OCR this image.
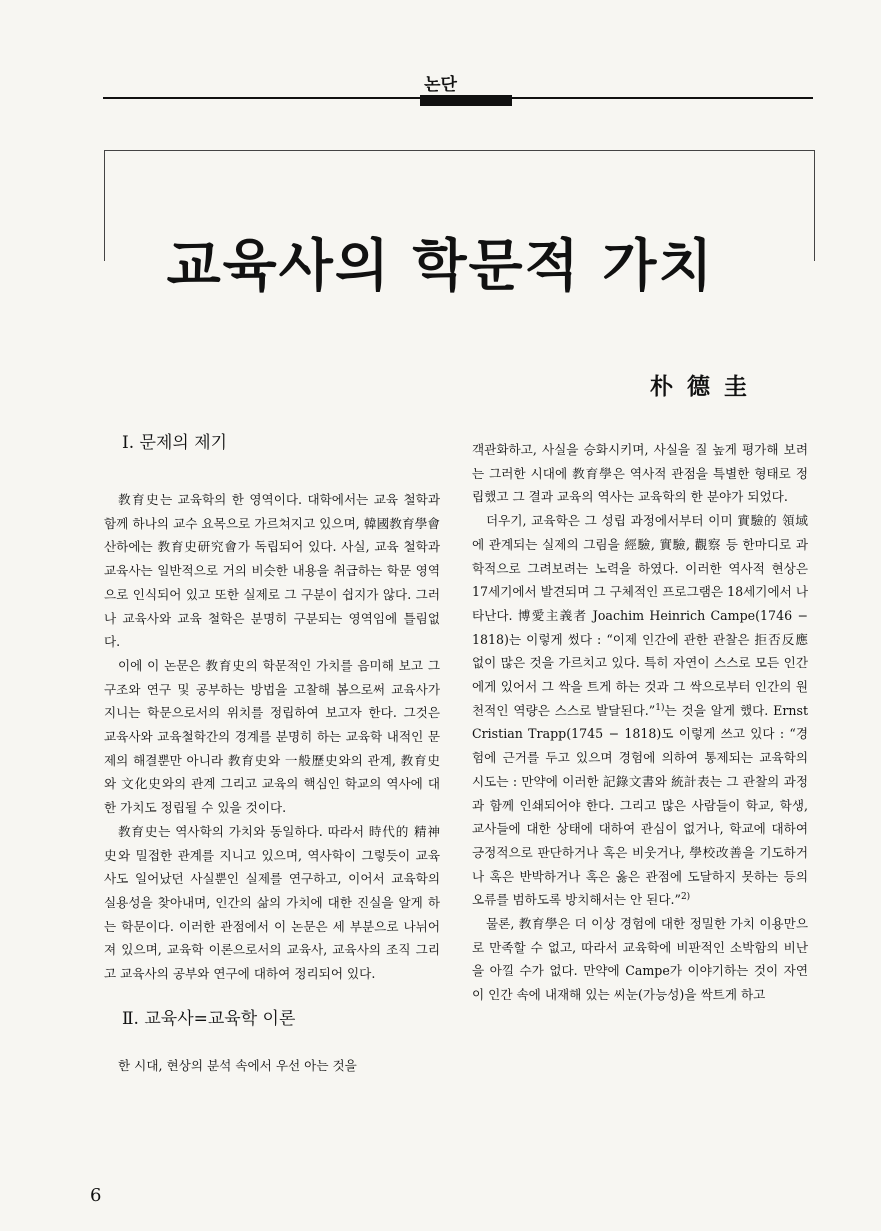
논단
교육사의 학문적 가치
朴德圭
Ⅰ. 문제의 제기

教育史는 교육학의 한 영역이다. 대학에서는 교육 철학과 함께 하나의 교수 요목으로 가르쳐지고 있으며, 韓國教育學會 산하에는 教育史研究會가 독립되어 있다. 사실, 교육 철학과 교육사는 일반적으로 거의 비슷한 내용을 취급하는 학문 영역으로 인식되어 있고 또한 실제로 그 구분이 쉽지가 않다. 그러나 교육사와 교육 철학은 분명히 구분되는 영역임에 틀림없다.

이에 이 논문은 教育史의 학문적인 가치를 음미해 보고 그 구조와 연구 및 공부하는 방법을 고찰해 봄으로써 교육사가 지니는 학문으로서의 위치를 정립하여 보고자 한다. 그것은 교육사와 교육철학간의 경계를 분명히 하는 교육학 내적인 문제의 해결뿐만 아니라 教育史와 一般歷史와의 관계, 教育史와 文化史와의 관계 그리고 교육의 핵심인 학교의 역사에 대한 가치도 정립될 수 있을 것이다.

教育史는 역사학의 가치와 동일하다. 따라서 時代的 精神史와 밀접한 관계를 지니고 있으며, 역사학이 그렇듯이 교육사도 일어났던 사실뿐인 실제를 연구하고, 이어서 교육학의 실용성을 찾아내며, 인간의 삶의 가치에 대한 진실을 알게 하는 학문이다. 이러한 관점에서 이 논문은 세 부분으로 나뉘어져 있으며, 교육학 이론으로서의 교육사, 교육사의 조직 그리고 교육사의 공부와 연구에 대하여 정리되어 있다.

Ⅱ. 교육사=교육학 이론

한 시대, 현상의 분석 속에서 우선 아는 것을

객관화하고, 사실을 승화시키며, 사실을 질 높게 평가해 보려는 그러한 시대에 教育學은 역사적 관점을 특별한 형태로 정립했고 그 결과 교육의 역사는 교육학의 한 분야가 되었다.

더우기, 교육학은 그 성립 과정에서부터 이미 實驗的 領域에 관계되는 실제의 그림을 經驗, 實驗, 觀察 등 한마디로 과학적으로 그려보려는 노력을 하였다. 이러한 역사적 현상은 17세기에서 발견되며 그 구체적인 프로그램은 18세기에서 나타난다. 博愛主義者 Joachim Heinrich Campe(1746 − 1818)는 이렇게 썼다 : “이제 인간에 관한 관찰은 拒否反應 없이 많은 것을 가르치고 있다. 특히 자연이 스스로 모든 인간에게 있어서 그 싹을 트게 하는 것과 그 싹으로부터 인간의 원천적인 역량은 스스로 발달된다.”$^{1)}$는 것을 알게 했다. Ernst Cristian Trapp(1745 − 1818)도 이렇게 쓰고 있다 : “경험에 근거를 두고 있으며 경험에 의하여 통제되는 교육학의 시도는 : 만약에 이러한 記錄文書와 統計表는 그 관찰의 과정과 함께 인쇄되어야 한다. 그리고 많은 사람들이 학교, 학생, 교사들에 대한 상태에 대하여 관심이 없거나, 학교에 대하여 긍정적으로 판단하거나 혹은 비웃거나, 學校改善을 기도하거나 혹은 반박하거나 혹은 옳은 관점에 도달하지 못하는 등의 오류를 범하도록 방치해서는 안 된다.”$^{2)}$

물론, 教育學은 더 이상 경험에 대한 정밀한 가치 이용만으로 만족할 수 없고, 따라서 교육학에 비판적인 소박함의 비난을 아낄 수가 없다. 만약에 Campe가 이야기하는 것이 자연이 인간 속에 내재해 있는 씨눈(가능성)을 싹트게 하고

6
